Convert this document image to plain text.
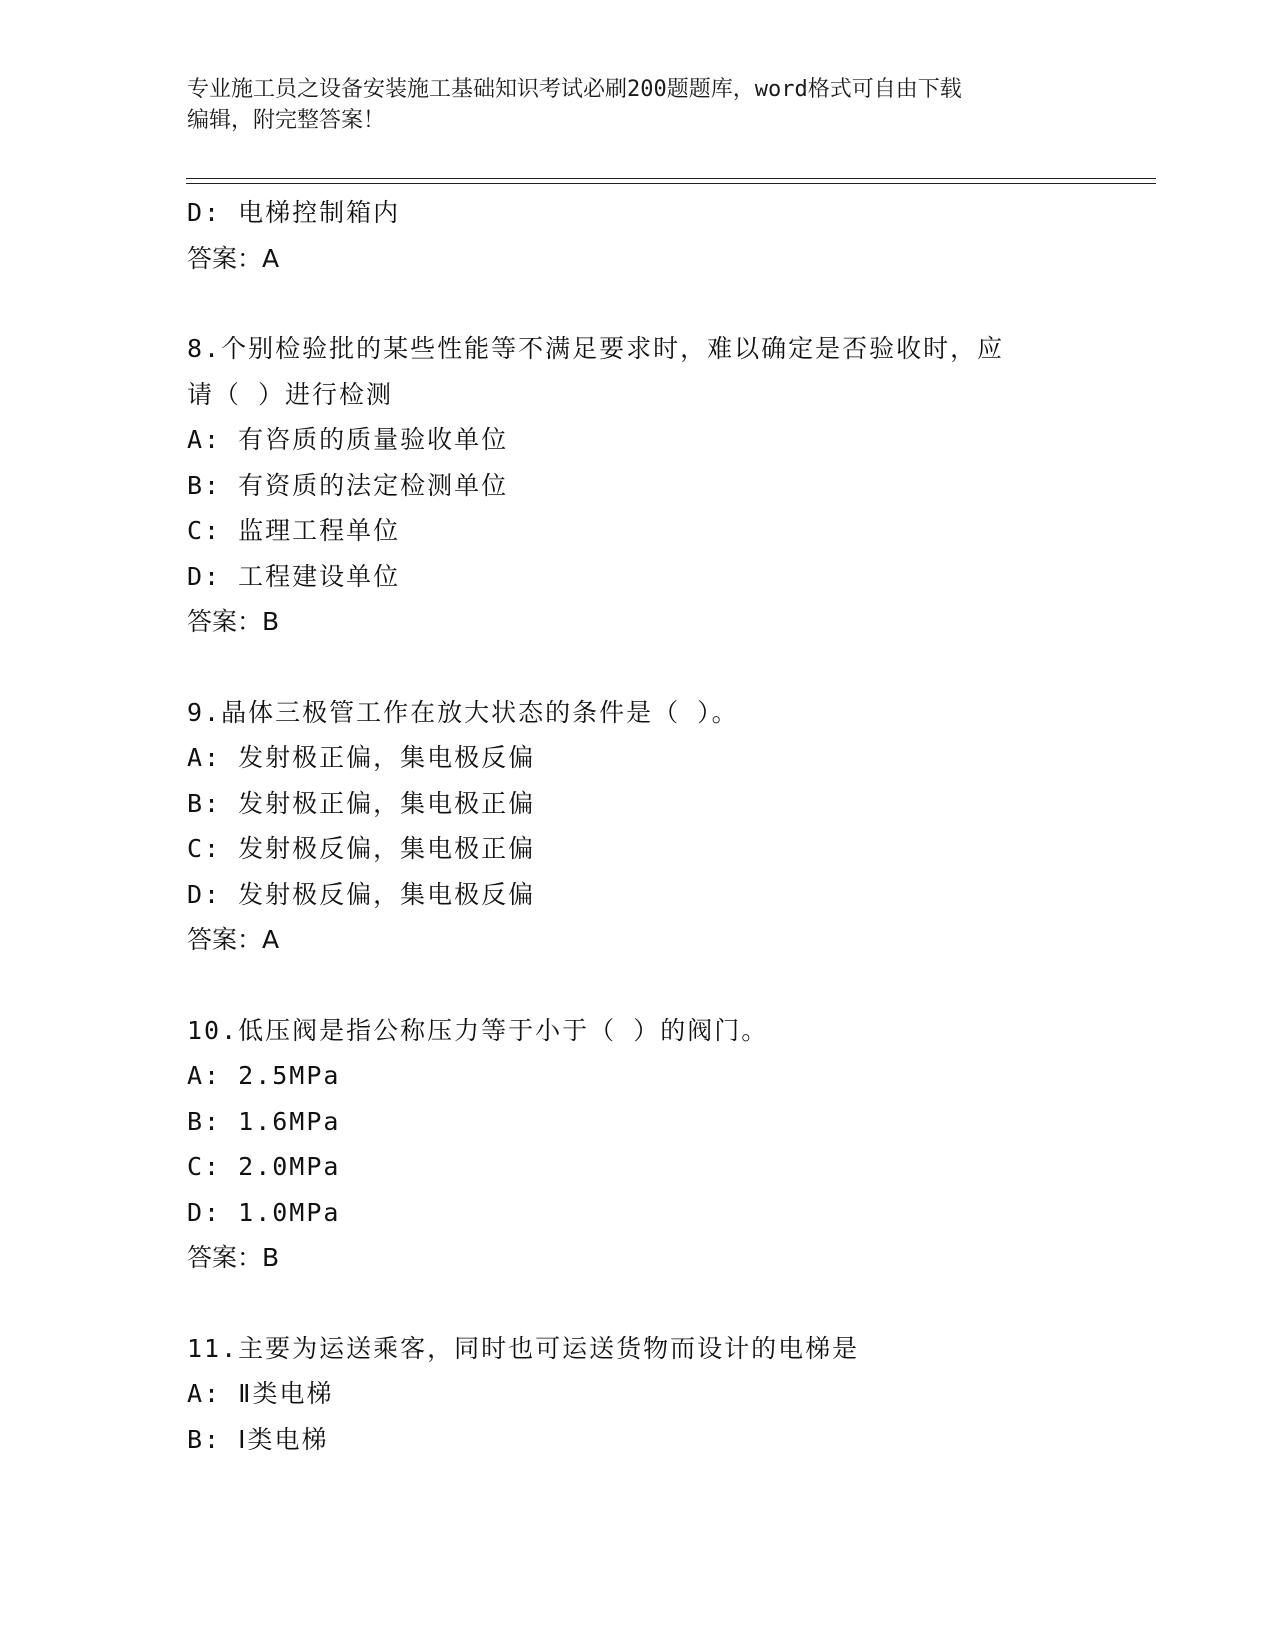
专业施工员之设备安装施工基础知识考试必刷200题题库，word格式可自由下载
编辑，附完整答案！
D: 电梯控制箱内
答案：A
8.个别检验批的某些性能等不满足要求时，难以确定是否验收时，应
请（ ）进行检测
A: 有咨质的质量验收单位
B: 有资质的法定检测单位
C: 监理工程单位
D: 工程建设单位
答案：B
9.晶体三极管工作在放大状态的条件是（ ）。
A: 发射极正偏，集电极反偏
B: 发射极正偏，集电极正偏
C: 发射极反偏，集电极正偏
D: 发射极反偏，集电极反偏
答案：A
10.低压阀是指公称压力等于小于（ ）的阀门。
A: 2.5MPa
B: 1.6MPa
C: 2.0MPa
D: 1.0MPa
答案：B
11.主要为运送乘客，同时也可运送货物而设计的电梯是
A: Ⅱ类电梯
B: Ⅰ类电梯
